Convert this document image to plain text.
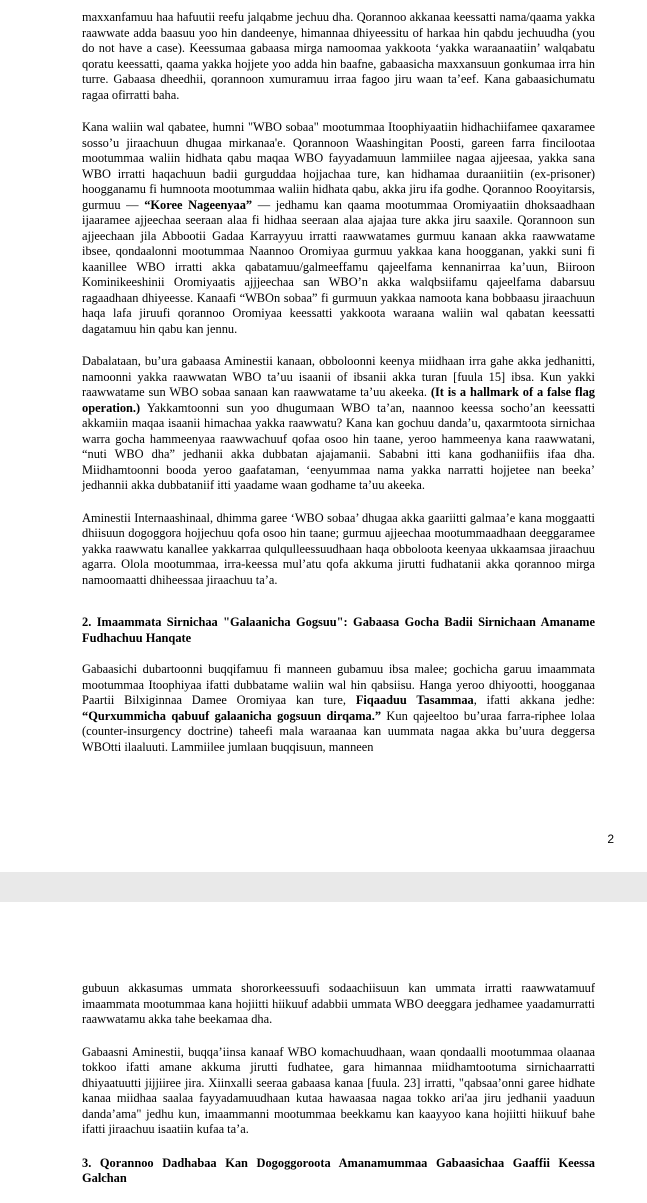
maxxanfamuu haa hafuutii reefu jalqabme jechuu dha. Qorannoo akkanaa keessatti nama/qaama yakka raawwate adda baasuu yoo hin dandeenye, himannaa dhiyeessitu of harkaa hin qabdu jechuudha (you do not have a case). Keessumaa gabaasa mirga namoomaa yakkoota ‘yakka waraanaatiin’ walqabatu qoratu keessatti, qaama yakka hojjete yoo adda hin baafne, gabaasicha maxxansuun gonkumaa irra hin turre. Gabaasa dheedhii, qorannoon xumuramuu irraa fagoo jiru waan ta’eef. Kana gabaasichumatu ragaa ofirratti baha.

Kana waliin wal qabatee, humni "WBO sobaa" mootummaa Itoophiyaatiin hidhachiifamee qaxaramee sosso’u jiraachuun dhugaa mirkanaa'e. Qorannoon Waashingitan Poosti, gareen farra fincilootaa mootummaa waliin hidhata qabu maqaa WBO fayyadamuun lammiilee nagaa ajjeesaa, yakka sana WBO irratti haqachuun badii gurguddaa hojjachaa ture, kan hidhamaa duraaniitiin (ex-prisoner) hoogganamu fi humnoota mootummaa waliin hidhata qabu, akka jiru ifa godhe. Qorannoo Rooyitarsis, gurmuu — “Koree Nageenyaa” — jedhamu kan qaama mootummaa Oromiyaatiin dhoksaadhaan ijaaramee ajjeechaa seeraan alaa fi hidhaa seeraan alaa ajajaa ture akka jiru saaxile. Qorannoon sun ajjeechaan jila Abbootii Gadaa Karrayyuu irratti raawwatames gurmuu kanaan akka raawwatame ibsee, qondaalonni mootummaa Naannoo Oromiyaa gurmuu yakkaa kana hoogganan, yakki suni fi kaanillee WBO irratti akka qabatamuu/galmeeffamu qajeelfama kennanirraa ka’uun, Biiroon Kominikeeshinii Oromiyaatis ajjjeechaa san WBO’n akka walqbsiifamu qajeelfama dabarsuu ragaadhaan dhiyeesse. Kanaafi “WBOn sobaa” fi gurmuun yakkaa namoota kana bobbaasu jiraachuun haqa lafa jiruufi qorannoo Oromiyaa keessatti yakkoota waraana waliin wal qabatan keessatti dagatamuu hin qabu kan jennu.

Dabalataan, bu’ura gabaasa Aminestii kanaan, obboloonni keenya miidhaan irra gahe akka jedhanitti, namoonni yakka raawwatan WBO ta’uu isaanii of ibsanii akka turan [fuula 15] ibsa. Kun yakki raawwatame sun WBO sobaa sanaan kan raawwatame ta’uu akeeka. (It is a hallmark of a false flag operation.) Yakkamtoonni sun yoo dhugumaan WBO ta’an, naannoo keessa socho’an keessatti akkamiin maqaa isaanii himachaa yakka raawwatu? Kana kan gochuu danda’u, qaxarmtoota sirnichaa warra gocha hammeenyaa raawwachuuf qofaa osoo hin taane, yeroo hammeenya kana raawwatani, “nuti WBO dha” jedhanii akka dubbatan ajajamanii. Sababni itti kana godhaniifiis ifaa dha. Miidhamtoonni booda yeroo gaafataman, ‘eenyummaa nama yakka narratti hojjetee nan beeka’ jedhannii akka dubbataniif itti yaadame waan godhame ta’uu akeeka.

Aminestii Internaashinaal, dhimma garee ‘WBO sobaa’ dhugaa akka gaariitti galmaa’e kana moggaatti dhiisuun dogoggora hojjechuu qofa osoo hin taane; gurmuu ajjeechaa mootummaadhaan deeggaramee yakka raawwatu kanallee yakkarraa qulqulleessuudhaan haqa obboloota keenyaa ukkaamsaa jiraachuu agarra. Olola mootummaa, irra-keessa mul’atu qofa akkuma jirutti fudhatanii akka qorannoo mirga namoomaatti dhiheessaa jiraachuu ta’a.

2. Imaammata Sirnichaa "Galaanicha Gogsuu": Gabaasa Gocha Badii Sirnichaan Amaname Fudhachuu Hanqate

Gabaasichi dubartoonni buqqifamuu fi manneen gubamuu ibsa malee; gochicha garuu imaammata mootummaa Itoophiyaa ifatti dubbatame waliin wal hin qabsiisu. Hanga yeroo dhiyootti, hoogganaa Paartii Bilxiginnaa Damee Oromiyaa kan ture, Fiqaaduu Tasammaa, ifatti akkana jedhe: “Qurxummicha qabuuf galaanicha gogsuun dirqama.” Kun qajeeltoo bu’uraa farra-riphee lolaa (counter-insurgency doctrine) taheefi mala waraanaa kan uummata nagaa akka bu’uura deggersa WBOtti ilaaluuti. Lammiilee jumlaan buqqisuun, manneen

2

gubuun akkasumas ummata shororkeessuufi sodaachiisuun kan ummata irratti raawwatamuuf imaammata mootummaa kana hojiitti hiikuuf adabbii ummata WBO deeggara jedhamee yaadamurratti raawwatamu akka tahe beekamaa dha.

Gabaasni Aminestii, buqqa’iinsa kanaaf WBO komachuudhaan, waan qondaalli mootummaa olaanaa tokkoo ifatti amane akkuma jirutti fudhatee, gara himannaa miidhamtootuma sirnichaarratti dhiyaatuutti jijjiiree jira. Xiinxalli seeraa gabaasa kanaa [fuula. 23] irratti, "qabsaa’onni garee hidhate kanaa miidhaa saalaa fayyadamuudhaan kutaa hawaasaa nagaa tokko ari'aa jiru jedhanii yaaduun danda’ama" jedhu kun, imaammanni mootummaa beekkamu kan kaayyoo kana hojiitti hiikuuf bahe ifatti jiraachuu isaatiin kufaa ta’a.

3. Qorannoo Dadhabaa Kan Dogoggoroota Amanamummaa Gabaasichaa Gaaffii Keessa Galchan
